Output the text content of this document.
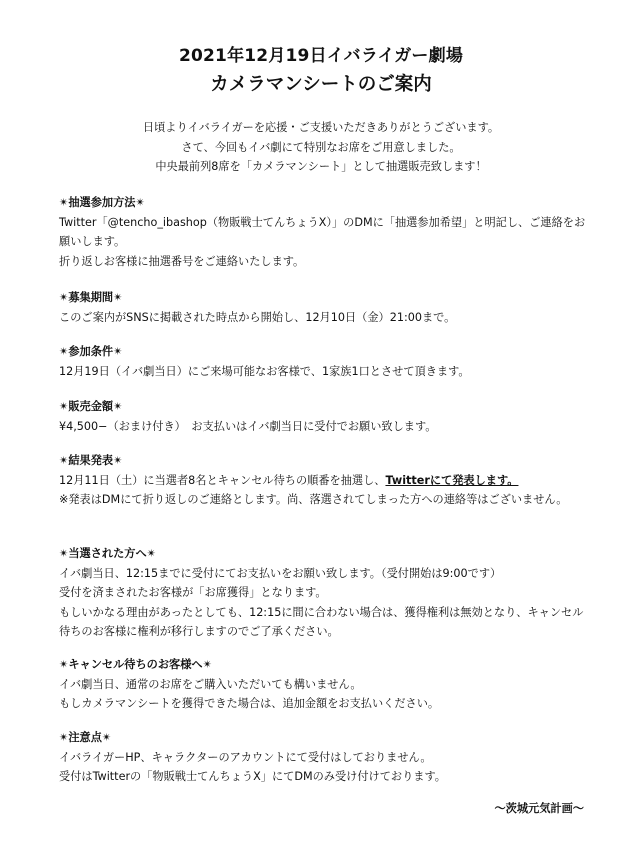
2021年12月19日イバライガー劇場
カメラマンシートのご案内
日頃よりイバライガーを応援・ご支援いただきありがとうございます。
さて、今回もイバ劇にて特別なお席をご用意しました。
中央最前列8席を「カメラマンシート」として抽選販売致します！
✴︎抽選参加方法✴︎
Twitter「@tencho_ibashop（物販戦士てんちょうX）」のDMに「抽選参加希望」と明記し、ご連絡をお願いします。
折り返しお客様に抽選番号をご連絡いたします。
✴︎募集期間✴︎
このご案内がSNSに掲載された時点から開始し、12月10日（金）21:00まで。
✴︎参加条件✴︎
12月19日（イバ劇当日）にご来場可能なお客様で、1家族1口とさせて頂きます。
✴︎販売金額✴︎
¥4,500−（おまけ付き）　お支払いはイバ劇当日に受付でお願い致します。
✴︎結果発表✴︎
12月11日（土）に当選者8名とキャンセル待ちの順番を抽選し、Twitterにて発表します。
※発表はDMにて折り返しのご連絡とします。尚、落選されてしまった方への連絡等はございません。
✴︎当選された方へ✴︎
イバ劇当日、12:15までに受付にてお支払いをお願い致します。（受付開始は9:00です）
受付を済まされたお客様が「お席獲得」となります。
もしいかなる理由があったとしても、12:15に間に合わない場合は、獲得権利は無効となり、キャンセル待ちのお客様に権利が移行しますのでご了承ください。
✴︎キャンセル待ちのお客様へ✴︎
イバ劇当日、通常のお席をご購入いただいても構いません。
もしカメラマンシートを獲得できた場合は、追加金額をお支払いください。
✴︎注意点✴︎
イバライガーHP、キャラクターのアカウントにて受付はしておりません。
受付はTwitterの「物販戦士てんちょうX」にてDMのみ受け付けております。
〜茨城元気計画〜
